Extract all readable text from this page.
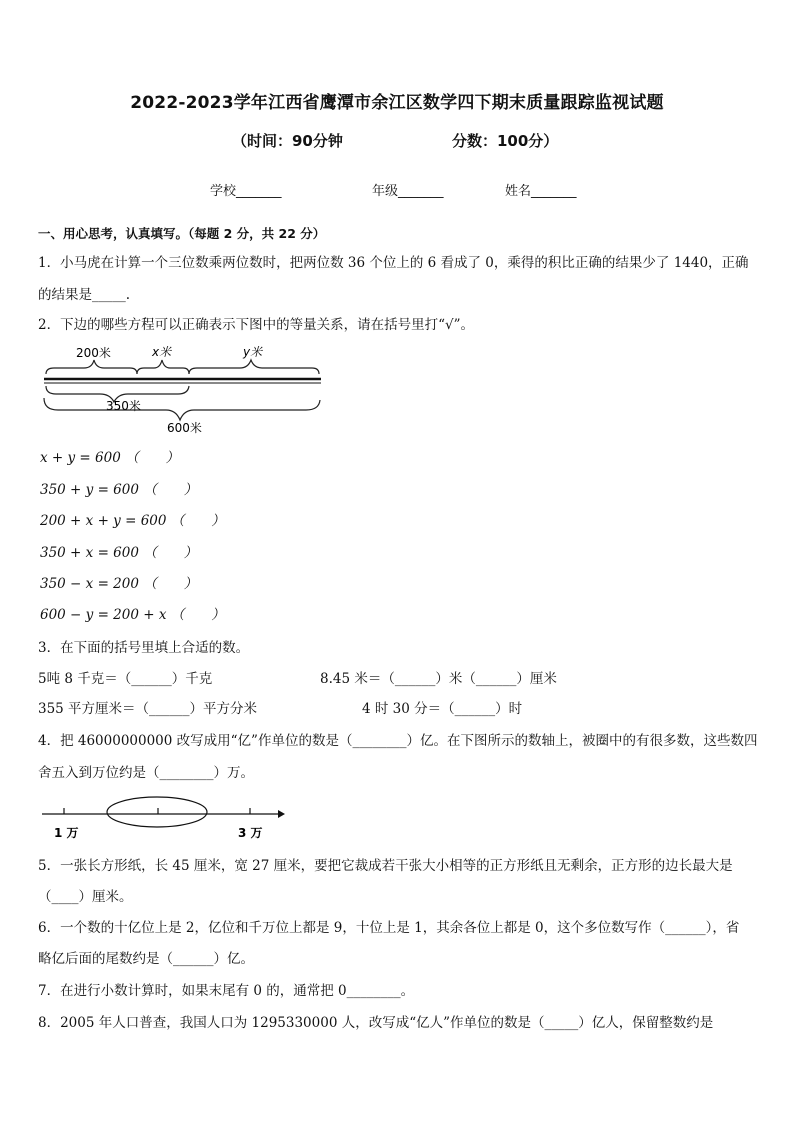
2022-2023学年江西省鹰潭市余江区数学四下期末质量跟踪监视试题
（时间：90分钟	分数：100分）
学校_______	年级_______	姓名_______
一、用心思考，认真填写。（每题 2 分，共 22 分）
1．小马虎在计算一个三位数乘两位数时，把两位数 36 个位上的 6 看成了 0，乘得的积比正确的结果少了 1440，正确
的结果是_____.
2．下边的哪些方程可以正确表示下图中的等量关系，请在括号里打“√”。
200米	x米	y米
350米
600米
x + y = 600 （　　）
350 + y = 600 （　　）
200 + x + y = 600 （　　）
350 + x = 600 （　　）
350 − x = 200 （　　）
600 − y = 200 + x （　　）
3．在下面的括号里填上合适的数。
5吨 8 千克＝（______）千克	8.45 米＝（______）米（______）厘米
355 平方厘米＝（______）平方分米	4 时 30 分＝（______）时
4．把 46000000000 改写成用“亿”作单位的数是（________）亿。在下图所示的数轴上，被圈中的有很多数，这些数四
舍五入到万位约是（________）万。
1 万	3 万
5．一张长方形纸，长 45 厘米，宽 27 厘米，要把它裁成若干张大小相等的正方形纸且无剩余，正方形的边长最大是
（____）厘米。
6．一个数的十亿位上是 2，亿位和千万位上都是 9，十位上是 1，其余各位上都是 0，这个多位数写作（______），省
略亿后面的尾数约是（______）亿。
7．在进行小数计算时，如果末尾有 0 的，通常把 0________。
8．2005 年人口普查，我国人口为 1295330000 人，改写成“亿人”作单位的数是（_____）亿人，保留整数约是
